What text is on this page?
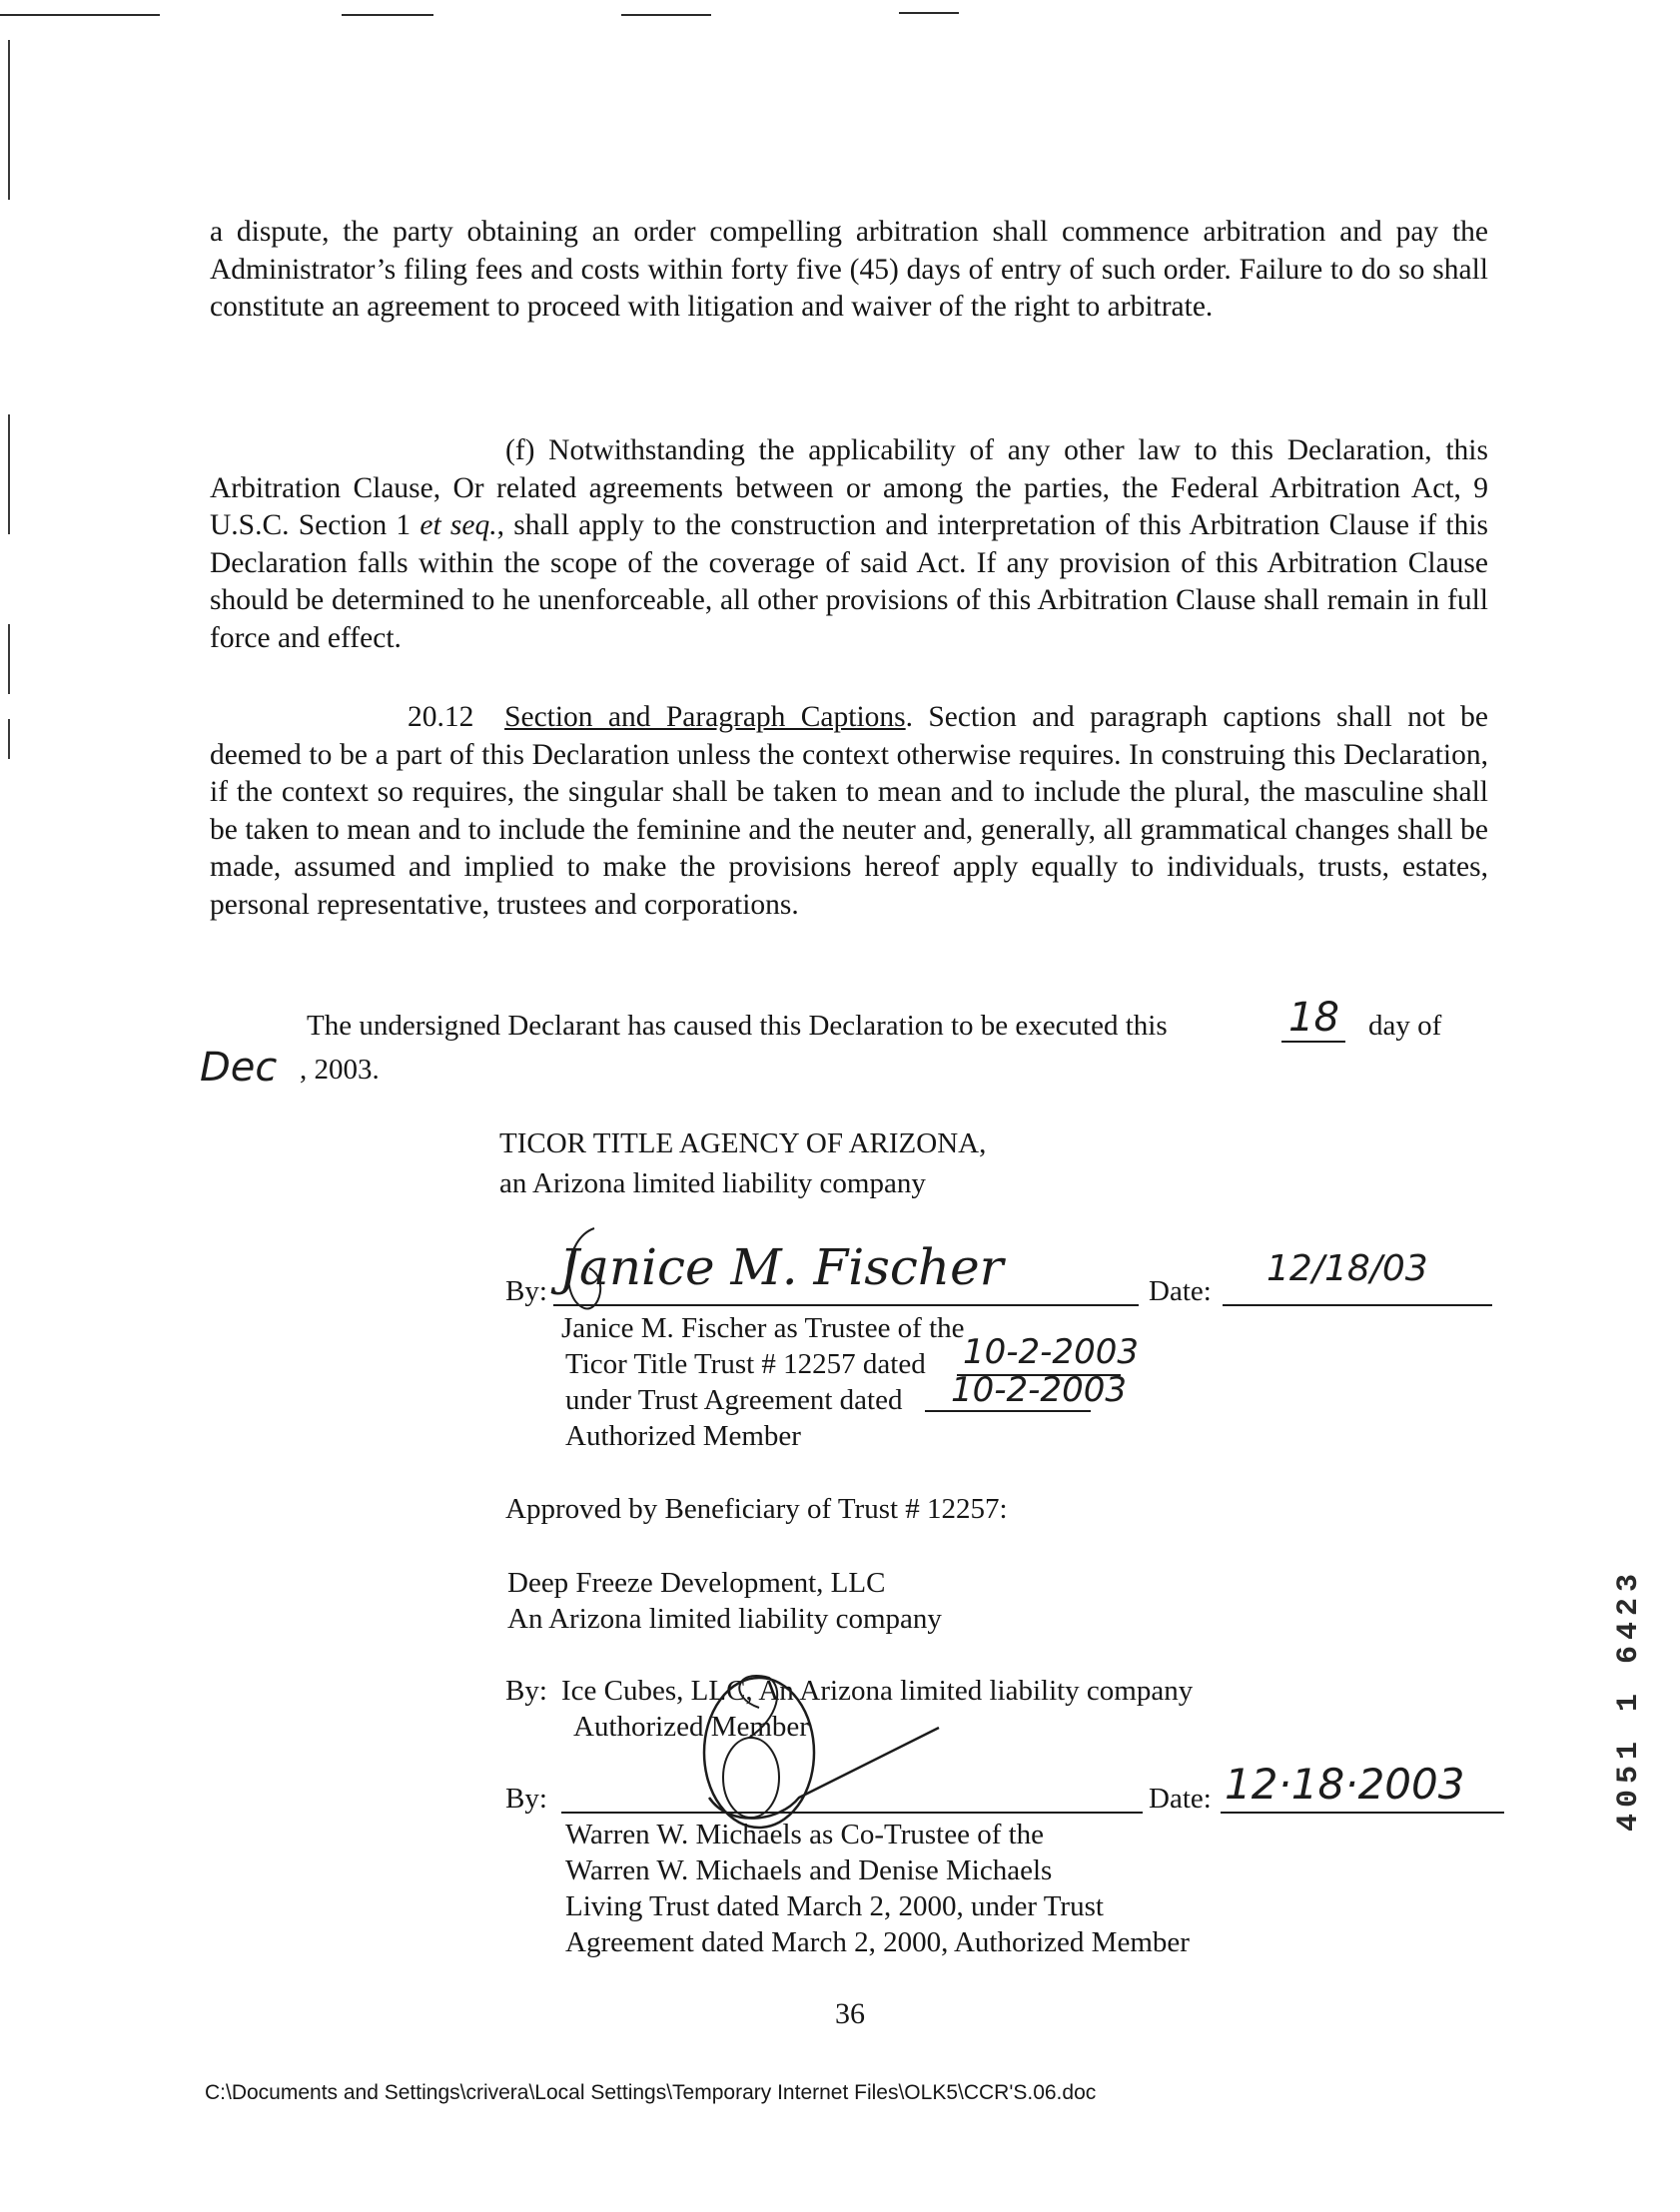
a dispute, the party obtaining an order compelling arbitration shall commence arbitration and pay the Administrator’s filing fees and costs within forty five (45) days of entry of such order. Failure to do so shall constitute an agreement to proceed with litigation and waiver of the right to arbitrate.

(f) Notwithstanding the applicability of any other law to this Declaration, this Arbitration Clause, Or related agreements between or among the parties, the Federal Arbitration Act, 9 U.S.C. Section 1 et seq., shall apply to the construction and interpretation of this Arbitration Clause if this Declaration falls within the scope of the coverage of said Act. If any provision of this Arbitration Clause should be determined to he unenforceable, all other provisions of this Arbitration Clause shall remain in full force and effect.

20.12 Section and Paragraph Captions. Section and paragraph captions shall not be deemed to be a part of this Declaration unless the context otherwise requires. In construing this Declaration, if the context so requires, the singular shall be taken to mean and to include the plural, the masculine shall be taken to mean and to include the feminine and the neuter and, generally, all grammatical changes shall be made, assumed and implied to make the provisions hereof apply equally to individuals, trusts, estates, personal representative, trustees and corporations.

The undersigned Declarant has caused this Declaration to be executed this	18 day of
Dec , 2003.
TICOR TITLE AGENCY OF ARIZONA,
an Arizona limited liability company
By: Janice M. Fischer	Date:
12/18/03
Janice M. Fischer as Trustee of the
Ticor Title Trust # 12257 dated 10-2-2003
under Trust Agreement dated 10-2-2003
Authorized Member
Approved by Beneficiary of Trust # 12257:
Deep Freeze Development, LLC
An Arizona limited liability company
By: Ice Cubes, LLC, An Arizona limited liability company
Authorized Member
By:	Date: 12·18·2003
Warren W. Michaels as Co-Trustee of the
Warren W. Michaels and Denise Michaels
Living Trust dated March 2, 2000, under Trust
Agreement dated March 2, 2000, Authorized Member
36
C:\Documents and Settings\crivera\Local Settings\Temporary Internet Files\OLK5\CCR'S.06.doc
4051 1 6423
